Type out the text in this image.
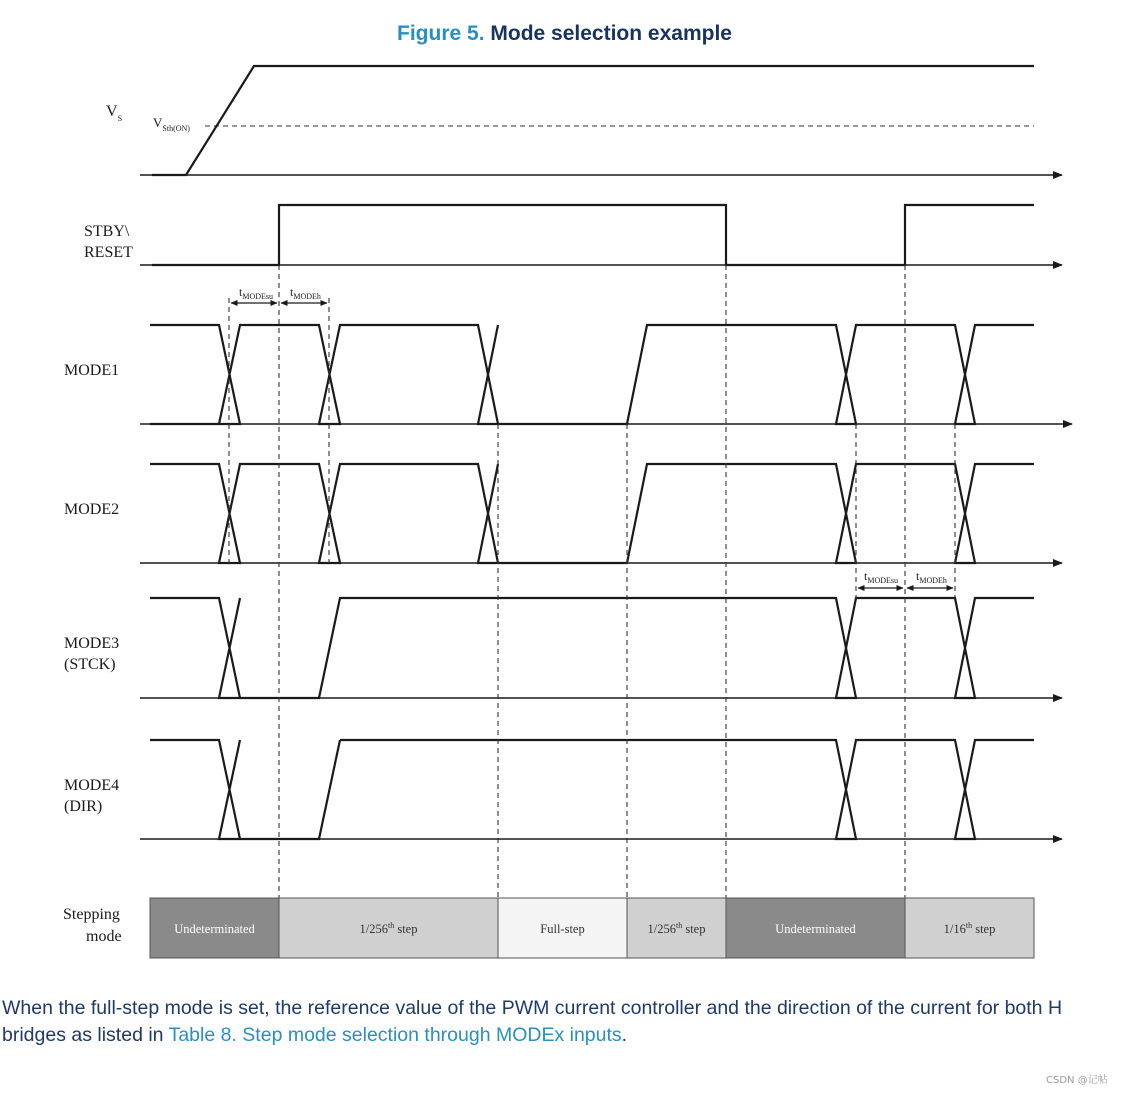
$V_S$ $V_{Sth(ON)}$
STBY\
RESET
MODE1
MODE2
MODE3
(STCK)
MODE4
(DIR)
$t_{MODEsu}$ $t_{MODEh}$
$t_{MODEsu}$ $t_{MODEh}$
Stepping
mode	Undeterminated	1/256th step	Full-step	1/256th step	Undeterminated	1/16th step
Figure 5. Mode selection example
When the full-step mode is set, the reference value of the PWM current controller and the direction of the current for both H bridges as listed in Table 8. Step mode selection through MODEx inputs.
CSDN @记帖
